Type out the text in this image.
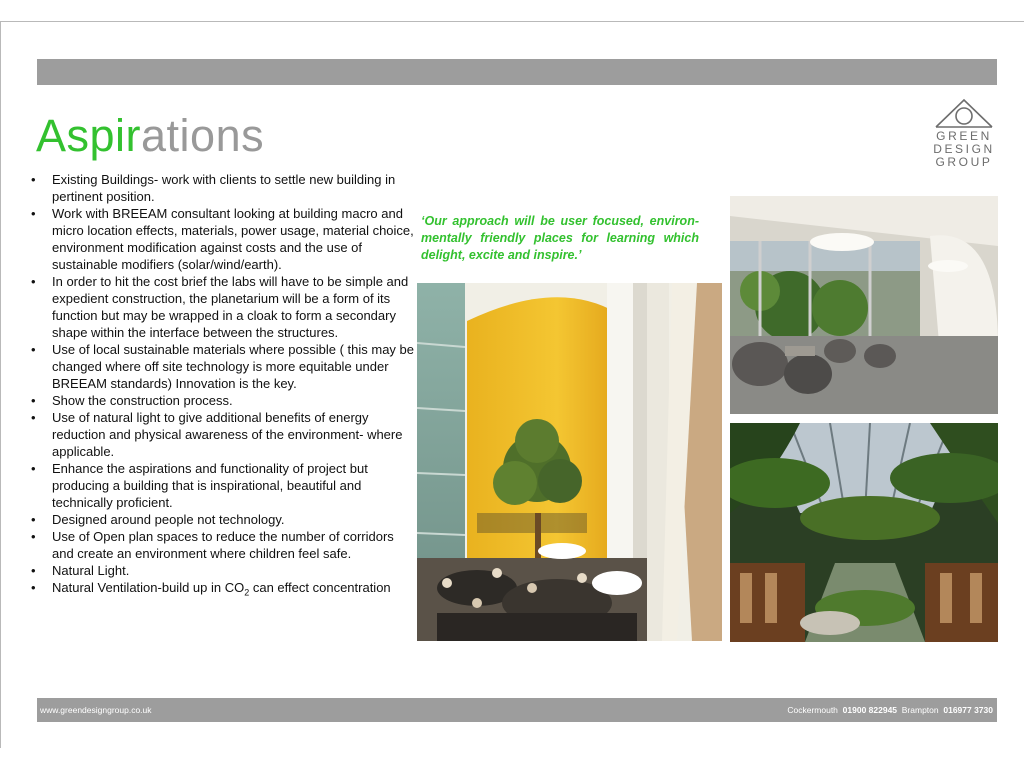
Aspirations	GREEN
DESIGN
GROUP
• Existing Buildings- work with clients to settle new building in pertinent position.
• Work with BREEAM consultant looking at building macro and micro location effects, materials, power usage, material choice, environment modification against costs and the use of sustainable modifiers (solar/wind/earth).
• In order to hit the cost brief the labs will have to be simple and expedient construction, the planetarium will be a form of its function but may be wrapped in a cloak to form a secondary shape within the interface between the structures.
• Use of local sustainable materials where possible ( this may be changed where off site technology is more equitable under BREEAM standards) Innovation is the key.
• Show the construction process.
• Use of natural light to give additional benefits of energy reduction and physical awareness of the environment- where applicable.
• Enhance the aspirations and functionality of project but producing a building that is inspirational, beautiful and technically proficient.
• Designed around people not technology.
• Use of Open plan spaces to reduce the number of corridors and create an environment where children feel safe.
• Natural Light.
• Natural Ventilation-build up in $CO_2$ can effect concentration
‘Our approach will be user focused, environ- mentally friendly places for learning which delight, excite and inspire.’
www.greendesigngroup.co.uk	Cockermouth 01900 822945 Brampton 016977 3730
